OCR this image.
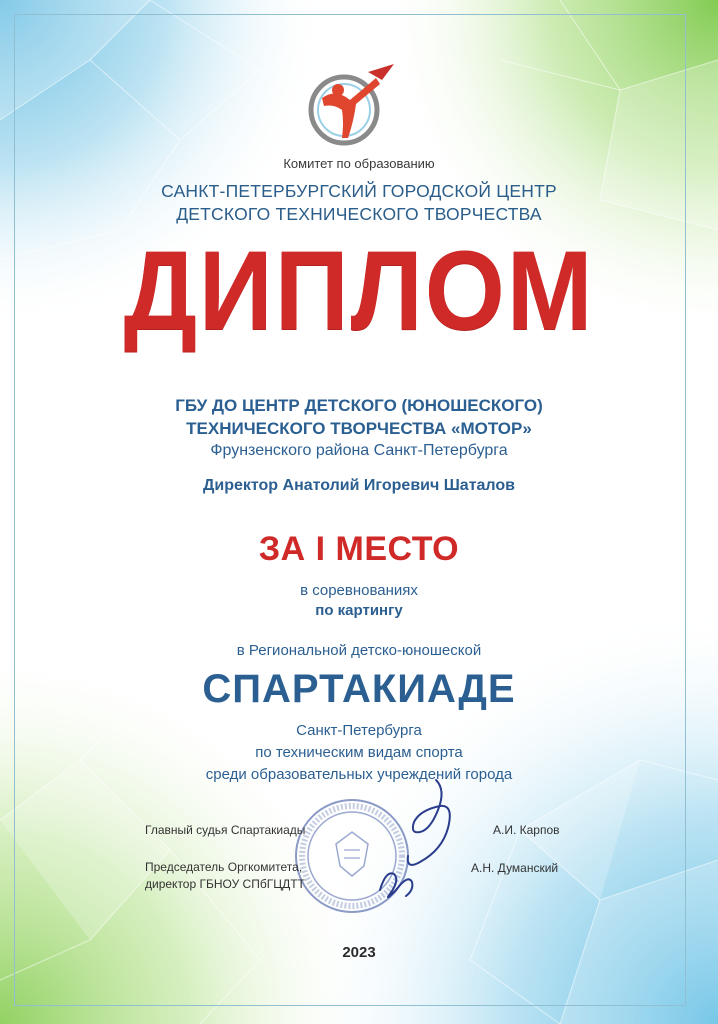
Комитет по образованию
САНКТ-ПЕТЕРБУРГСКИЙ ГОРОДСКОЙ ЦЕНТР
ДЕТСКОГО ТЕХНИЧЕСКОГО ТВОРЧЕСТВА
ДИПЛОМ
ГБУ ДО ЦЕНТР ДЕТСКОГО (ЮНОШЕСКОГО)
ТЕХНИЧЕСКОГО ТВОРЧЕСТВА «МОТОР»
Фрунзенского района Санкт-Петербурга
Директор Анатолий Игоревич Шаталов
ЗА I МЕСТО
в соревнованиях
по картингу
в Региональной детско-юношеской
СПАРТАКИАДЕ
Санкт-Петербурга
по техническим видам спорта
среди образовательных учреждений города
Главный судья Спартакиады	А.И. Карпов
Председатель Оргкомитета,
директор ГБНОУ СПбГЦДТТ
А.Н. Думанский
2023
